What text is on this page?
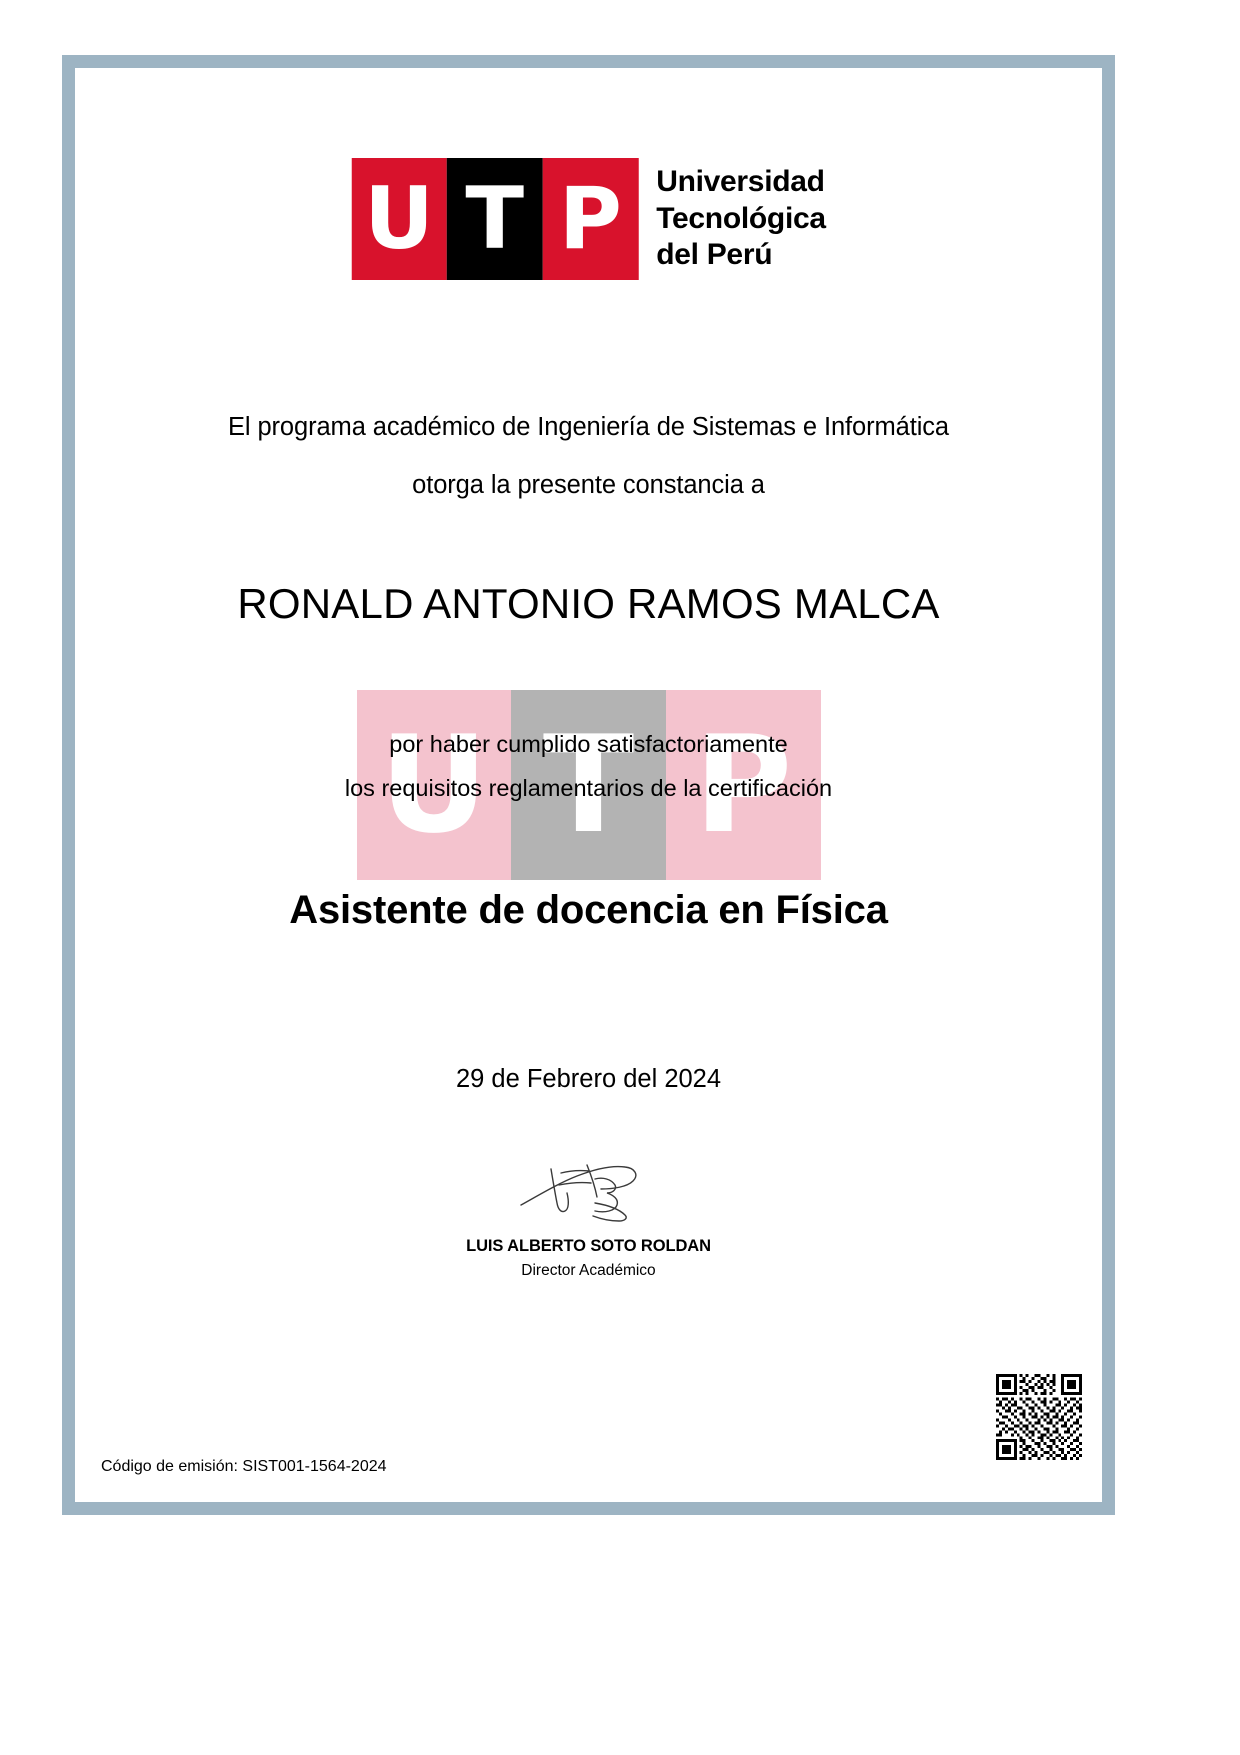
U T P	Universidad
Tecnológica
del Perú
U T P
El programa académico de Ingeniería de Sistemas e Informática
otorga la presente constancia a
RONALD ANTONIO RAMOS MALCA
por haber cumplido satisfactoriamente
los requisitos reglamentarios de la certificación
Asistente de docencia en Física
29 de Febrero del 2024
LUIS ALBERTO SOTO ROLDAN
Director Académico
Código de emisión: SIST001-1564-2024
